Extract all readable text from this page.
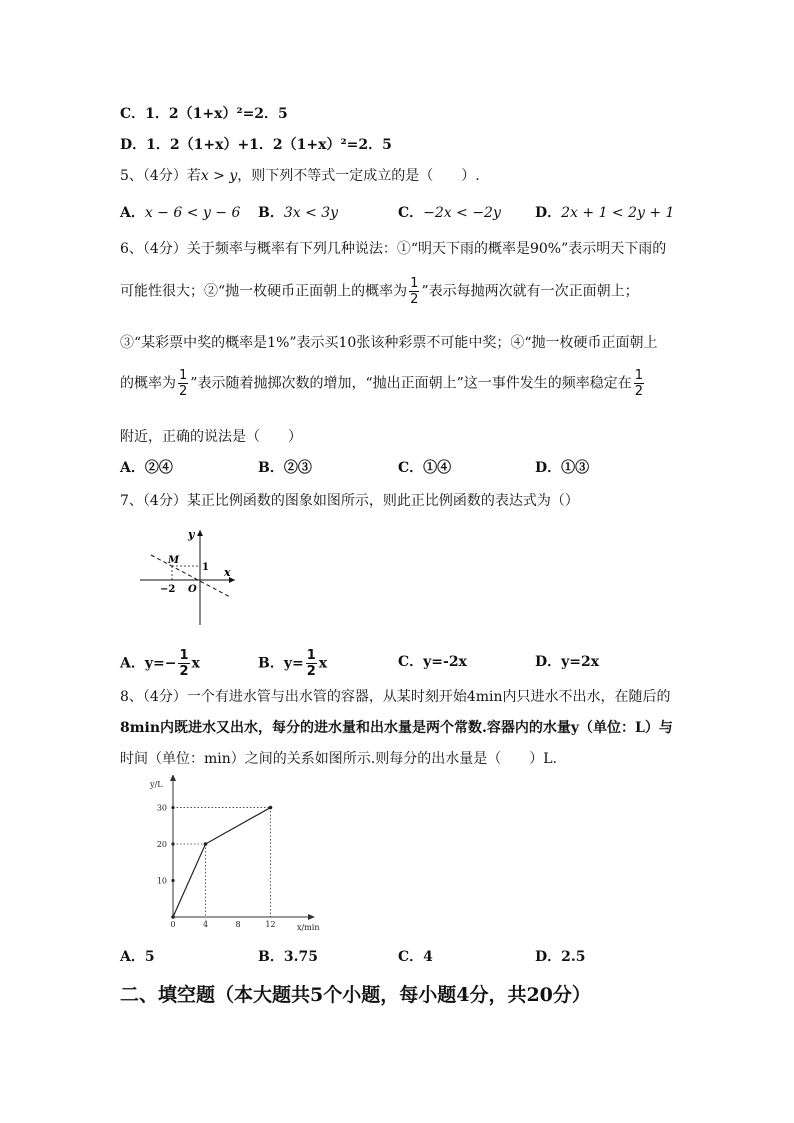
C．1．2（1+x）²=2．5
D．1．2（1+x）+1．2（1+x）²=2．5
5、（4分）若x > y，则下列不等式一定成立的是（　　）.
A．x − 6 < y − 6 B．3x < 3y	C．−2x < −2y D．2x + 1 < 2y + 1
6、（4分）关于频率与概率有下列几种说法：①“明天下雨的概率是90%”表示明天下雨的
可能性很大；②“抛一枚硬币正面朝上的概率为 $\frac{1}{2}$ ”表示每抛两次就有一次正面朝上；
③“某彩票中奖的概率是1%”表示买10张该种彩票不可能中奖；④“抛一枚硬币正面朝上
的概率为 $\frac{1}{2}$ ”表示随着抛掷次数的增加，“抛出正面朝上”这一事件发生的频率稳定在 $\frac{1}{2}$
附近，正确的说法是（　　）
A．②④	B．②③	C．①④	D．①③
7、（4分）某正比例函数的图象如图所示，则此正比例函数的表达式为（）
y
x
M
1
−2 O
A．$y=- \frac{1}{2}$ x	B．$y= \frac{1}{2}$ x	C．y=-2x	D．y=2x
8、（4分）一个有进水管与出水管的容器，从某时刻开始4min内只进水不出水，在随后的
8min内既进水又出水，每分的进水量和出水量是两个常数.容器内的水量y（单位：L）与
时间（单位：min）之间的关系如图所示.则每分的出水量是（　　）L.
10
20
30
0	4	8	12
y/L
x/min
A．5	B．3.75	C．4	D．2.5
二、填空题（本大题共5个小题，每小题4分，共20分）
